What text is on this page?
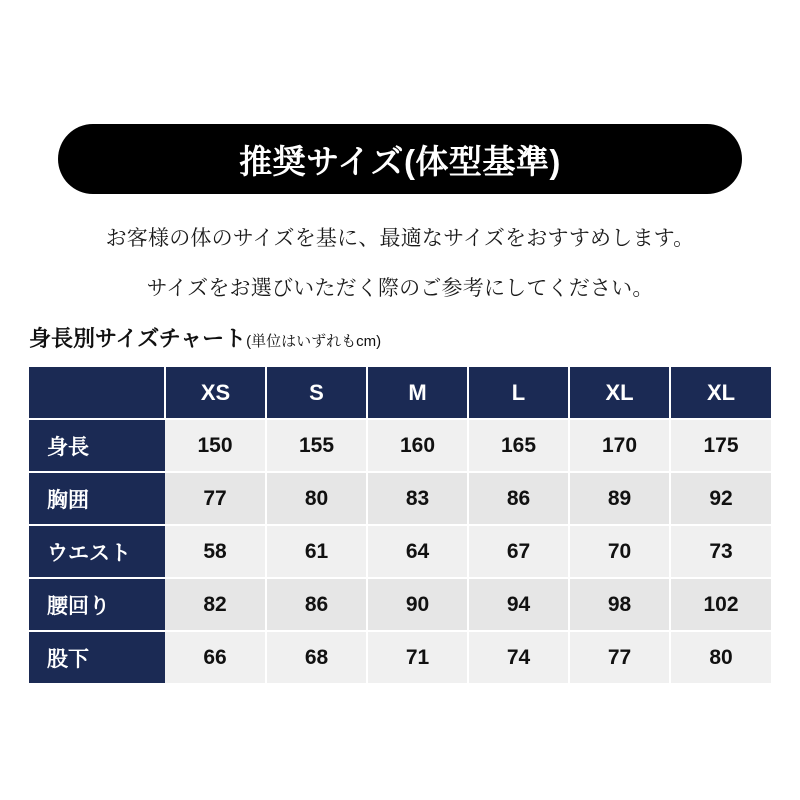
推奨サイズ(体型基準)
お客様の体のサイズを基に、最適なサイズをおすすめします。
サイズをお選びいただく際のご参考にしてください。
身長別サイズチャート(単位はいずれもcm)
	XS	S	M	L	XL	XL
身長	150	155	160	165	170	175
胸囲	77	80	83	86	89	92
ウエスト	58	61	64	67	70	73
腰回り	82	86	90	94	98	102
股下	66	68	71	74	77	80
